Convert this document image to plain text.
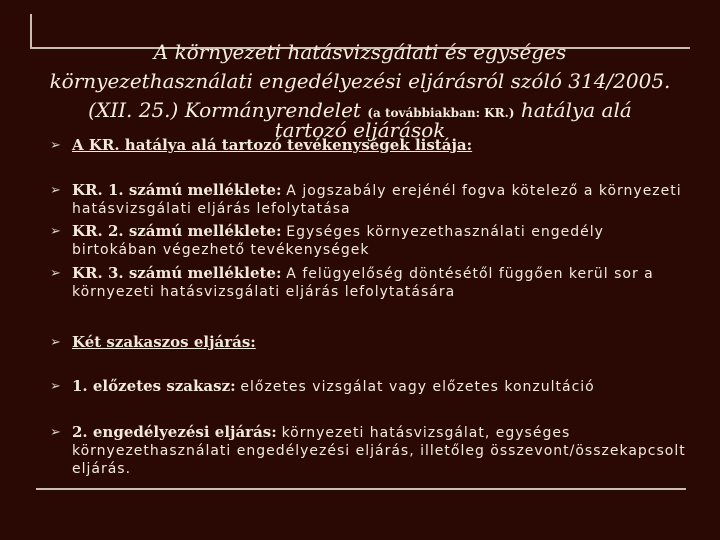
A környezeti hatásvizsgálati és egységes
környezethasználati engedélyezési eljárásról szóló 314/2005.
(XII. 25.) Kormányrendelet (a továbbiakban: KR.) hatálya alá
tartozó eljárások
➢ A KR. hatálya alá tartozó tevékenységek listája:
➢ KR. 1. számú melléklete: A jogszabály erejénél fogva kötelező a környezeti hatásvizsgálati eljárás lefolytatása
➢ KR. 2. számú melléklete: Egységes környezethasználati engedély birtokában végezhető tevékenységek
➢ KR. 3. számú melléklete: A felügyelőség döntésétől függően kerül sor a környezeti hatásvizsgálati eljárás lefolytatására
➢ Két szakaszos eljárás:
➢ 1. előzetes szakasz: előzetes vizsgálat vagy előzetes konzultáció
➢ 2. engedélyezési eljárás: környezeti hatásvizsgálat, egységes környezethasználati engedélyezési eljárás, illetőleg összevont/összekapcsolt eljárás.
